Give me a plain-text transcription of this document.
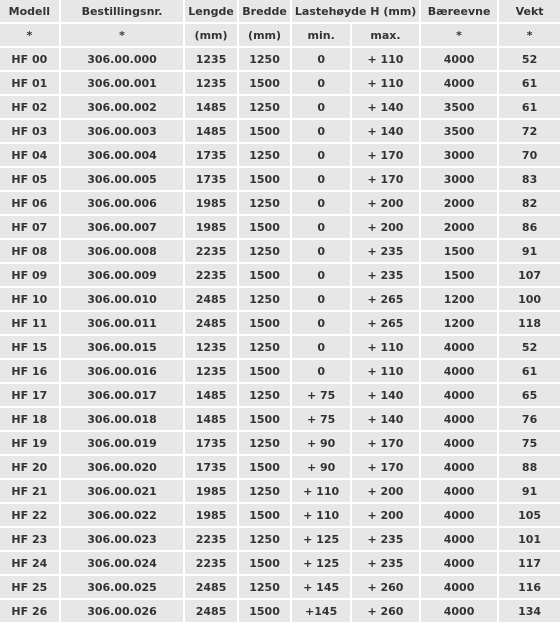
Modell	Bestillingsnr.	Lengde	Bredde	Lastehøyde H (mm)		Bæreevne	Vekt
*	*	(mm)	(mm)	min.	max.	*	*
HF 00	306.00.000	1235	1250	0	+ 110	4000	52
HF 01	306.00.001	1235	1500	0	+ 110	4000	61
HF 02	306.00.002	1485	1250	0	+ 140	3500	61
HF 03	306.00.003	1485	1500	0	+ 140	3500	72
HF 04	306.00.004	1735	1250	0	+ 170	3000	70
HF 05	306.00.005	1735	1500	0	+ 170	3000	83
HF 06	306.00.006	1985	1250	0	+ 200	2000	82
HF 07	306.00.007	1985	1500	0	+ 200	2000	86
HF 08	306.00.008	2235	1250	0	+ 235	1500	91
HF 09	306.00.009	2235	1500	0	+ 235	1500	107
HF 10	306.00.010	2485	1250	0	+ 265	1200	100
HF 11	306.00.011	2485	1500	0	+ 265	1200	118
HF 15	306.00.015	1235	1250	0	+ 110	4000	52
HF 16	306.00.016	1235	1500	0	+ 110	4000	61
HF 17	306.00.017	1485	1250	+ 75	+ 140	4000	65
HF 18	306.00.018	1485	1500	+ 75	+ 140	4000	76
HF 19	306.00.019	1735	1250	+ 90	+ 170	4000	75
HF 20	306.00.020	1735	1500	+ 90	+ 170	4000	88
HF 21	306.00.021	1985	1250	+ 110	+ 200	4000	91
HF 22	306.00.022	1985	1500	+ 110	+ 200	4000	105
HF 23	306.00.023	2235	1250	+ 125	+ 235	4000	101
HF 24	306.00.024	2235	1500	+ 125	+ 235	4000	117
HF 25	306.00.025	2485	1250	+ 145	+ 260	4000	116
HF 26	306.00.026	2485	1500	+145	+ 260	4000	134
